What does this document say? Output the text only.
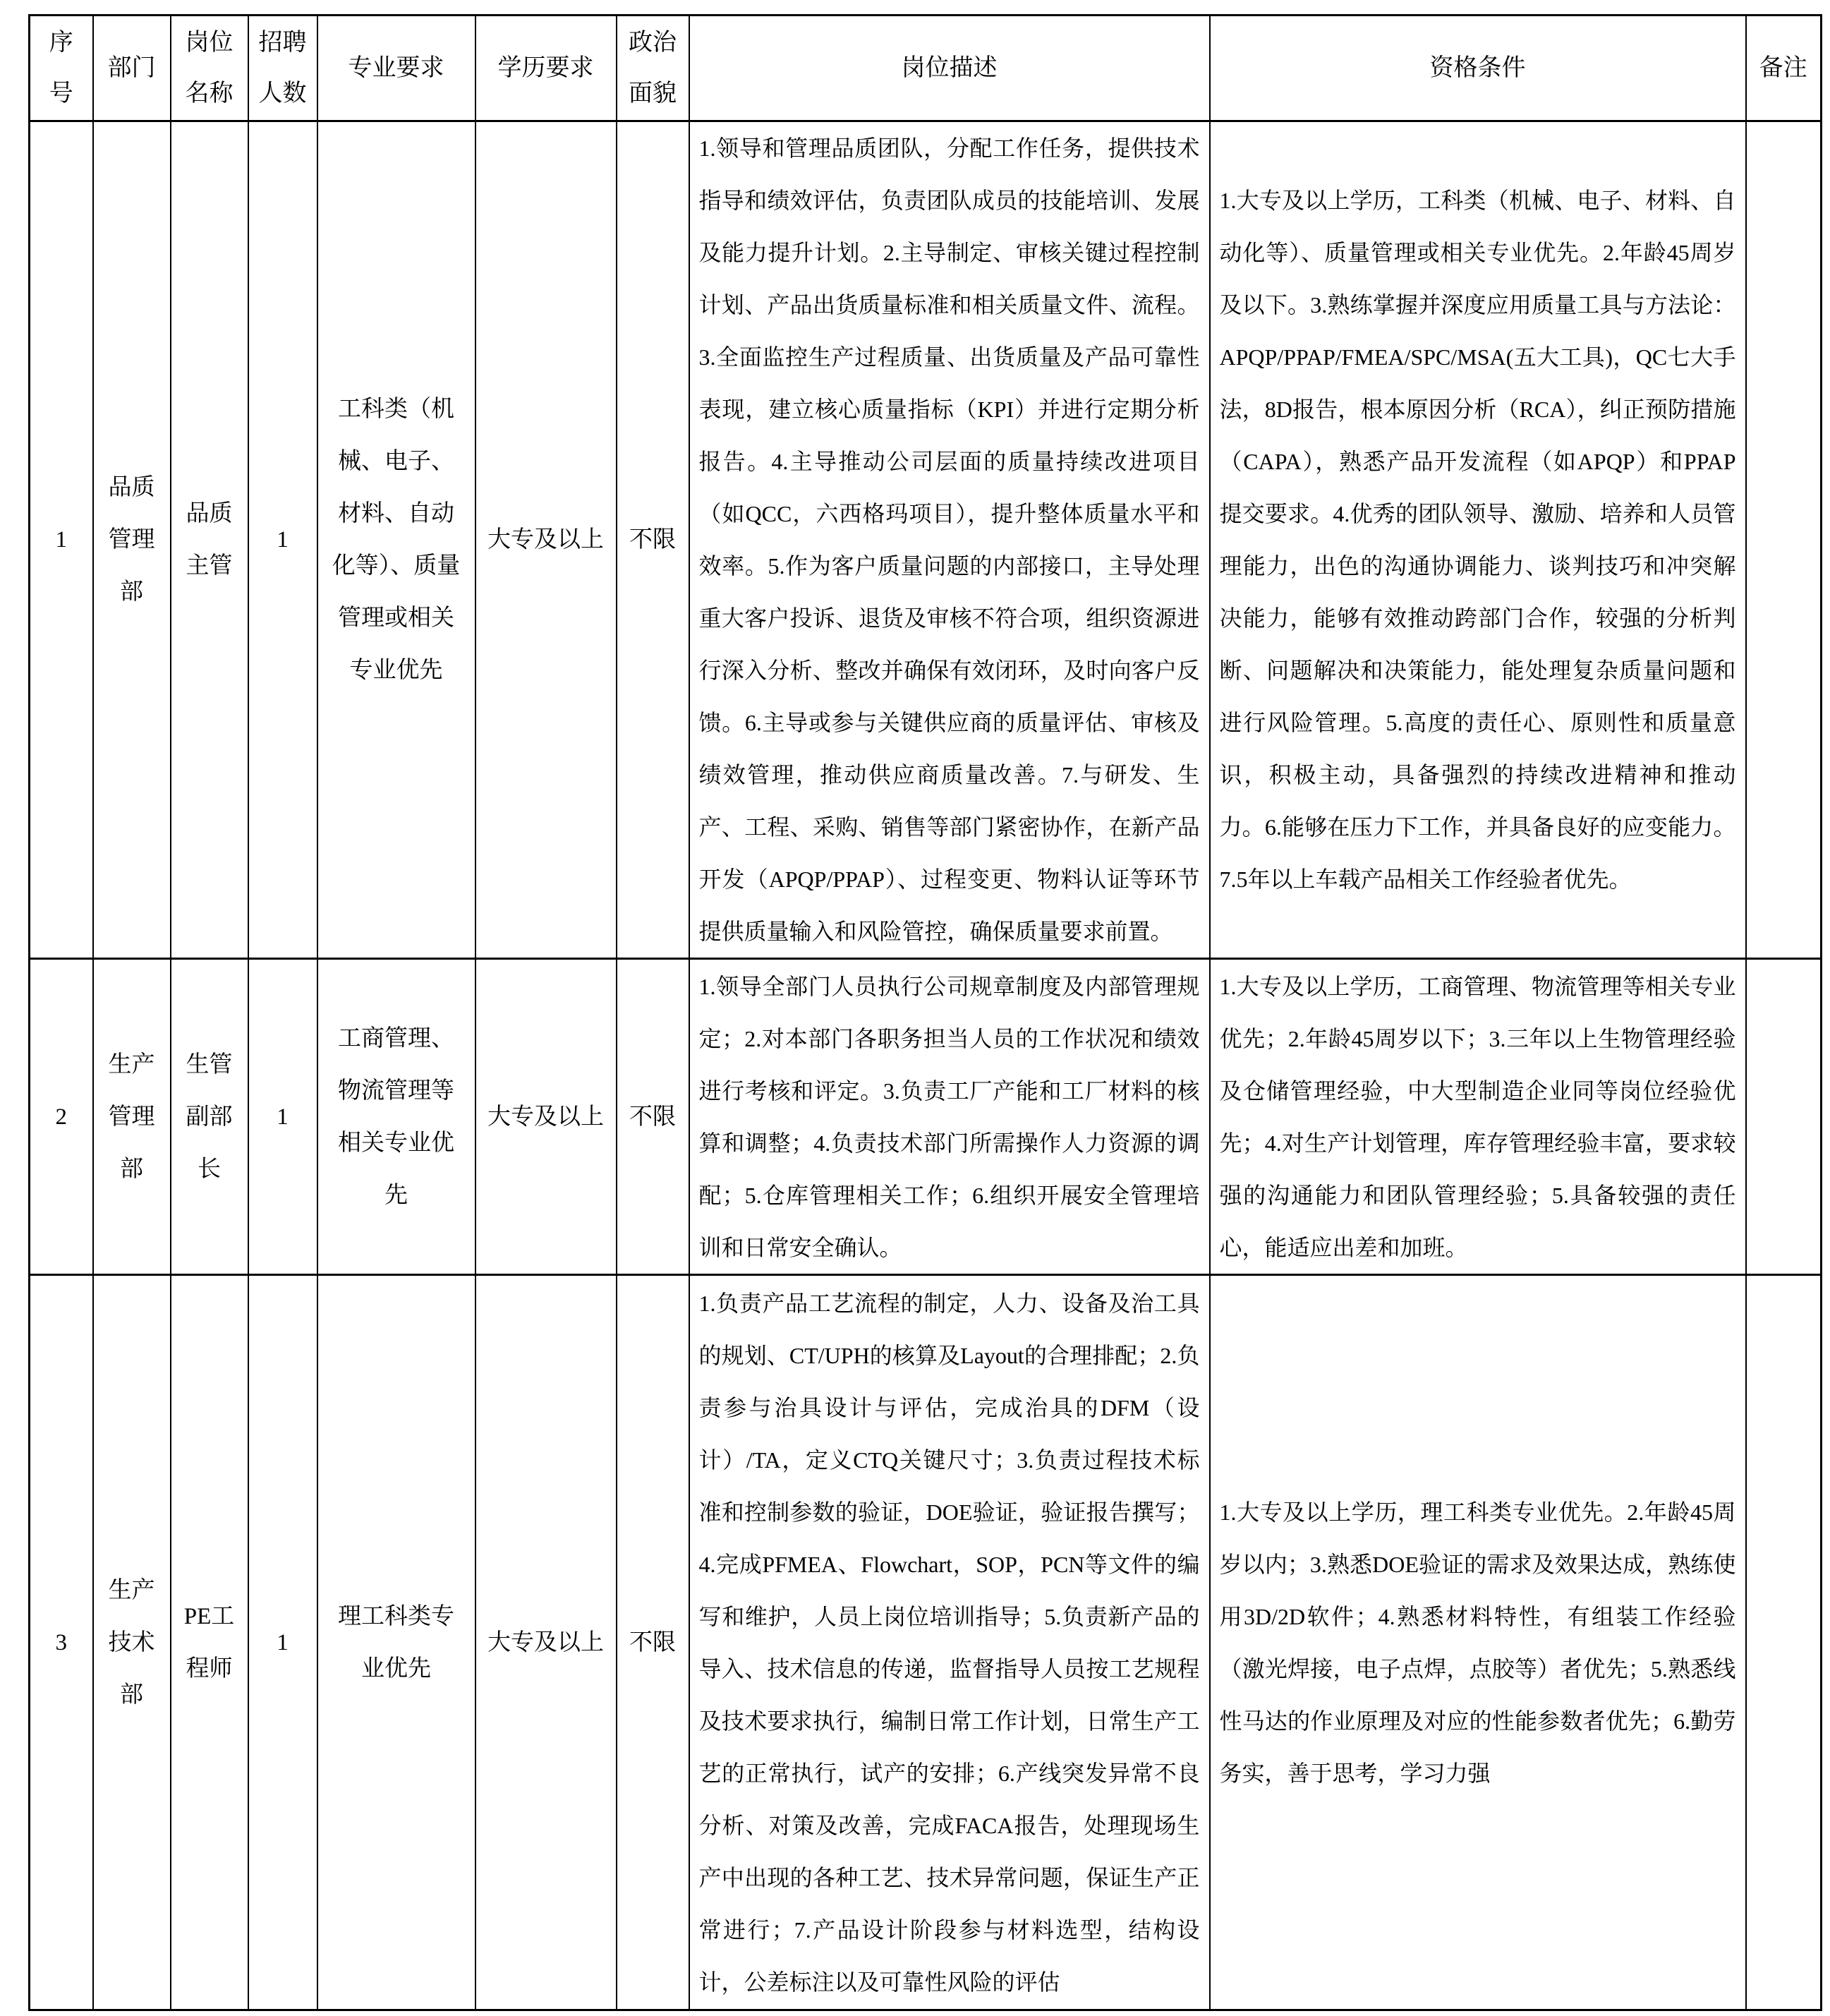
序号	部门	岗位名称	招聘人数	专业要求	学历要求	政治面貌	岗位描述	资格条件	备注
1	品质管理部	品质主管	1	工科类（机械、电子、材料、自动化等）、质量管理或相关专业优先	大专及以上	不限	1.领导和管理品质团队，分配工作任务，提供技术指导和绩效评估，负责团队成员的技能培训、发展及能力提升计划。2.主导制定、审核关键过程控制计划、产品出货质量标准和相关质量文件、流程。3.全面监控生产过程质量、出货质量及产品可靠性表现，建立核心质量指标（KPI）并进行定期分析报告。4.主导推动公司层面的质量持续改进项目（如QCC，六西格玛项目），提升整体质量水平和效率。5.作为客户质量问题的内部接口，主导处理重大客户投诉、退货及审核不符合项，组织资源进行深入分析、整改并确保有效闭环，及时向客户反馈。6.主导或参与关键供应商的质量评估、审核及绩效管理，推动供应商质量改善。7.与研发、生产、工程、采购、销售等部门紧密协作，在新产品开发（APQP/PPAP）、过程变更、物料认证等环节提供质量输入和风险管控，确保质量要求前置。	1.大专及以上学历，工科类（机械、电子、材料、自动化等）、质量管理或相关专业优先。2.年龄45周岁及以下。3.熟练掌握并深度应用质量工具与方法论：APQP/PPAP/FMEA/SPC/MSA(五大工具)，QC七大手法，8D报告，根本原因分析（RCA），纠正预防措施（CAPA），熟悉产品开发流程（如APQP）和PPAP提交要求。4.优秀的团队领导、激励、培养和人员管理能力，出色的沟通协调能力、谈判技巧和冲突解决能力，能够有效推动跨部门合作，较强的分析判断、问题解决和决策能力，能处理复杂质量问题和进行风险管理。5.高度的责任心、原则性和质量意识，积极主动，具备强烈的持续改进精神和推动力。6.能够在压力下工作，并具备良好的应变能力。7.5年以上车载产品相关工作经验者优先。	
2	生产管理部	生管副部长	1	工商管理、物流管理等相关专业优先	大专及以上	不限	1.领导全部门人员执行公司规章制度及内部管理规定；2.对本部门各职务担当人员的工作状况和绩效进行考核和评定。3.负责工厂产能和工厂材料的核算和调整；4.负责技术部门所需操作人力资源的调配；5.仓库管理相关工作；6.组织开展安全管理培训和日常安全确认。	1.大专及以上学历，工商管理、物流管理等相关专业优先；2.年龄45周岁以下；3.三年以上生物管理经验及仓储管理经验，中大型制造企业同等岗位经验优先；4.对生产计划管理，库存管理经验丰富，要求较强的沟通能力和团队管理经验；5.具备较强的责任心，能适应出差和加班。	
3	生产技术部	PE工程师	1	理工科类专业优先	大专及以上	不限	1.负责产品工艺流程的制定，人力、设备及治工具的规划、CT/UPH的核算及Layout的合理排配；2.负责参与治具设计与评估，完成治具的DFM（设计）/TA，定义CTQ关键尺寸；3.负责过程技术标准和控制参数的验证，DOE验证，验证报告撰写；4.完成PFMEA、Flowchart，SOP，PCN等文件的编写和维护，人员上岗位培训指导；5.负责新产品的导入、技术信息的传递，监督指导人员按工艺规程及技术要求执行，编制日常工作计划，日常生产工艺的正常执行，试产的安排；6.产线突发异常不良分析、对策及改善，完成FACA报告，处理现场生产中出现的各种工艺、技术异常问题，保证生产正常进行；7.产品设计阶段参与材料选型，结构设计，公差标注以及可靠性风险的评估	1.大专及以上学历，理工科类专业优先。2.年龄45周岁以内；3.熟悉DOE验证的需求及效果达成，熟练使用3D/2D软件；4.熟悉材料特性，有组装工作经验（激光焊接，电子点焊，点胶等）者优先；5.熟悉线性马达的作业原理及对应的性能参数者优先；6.勤劳务实，善于思考，学习力强	
